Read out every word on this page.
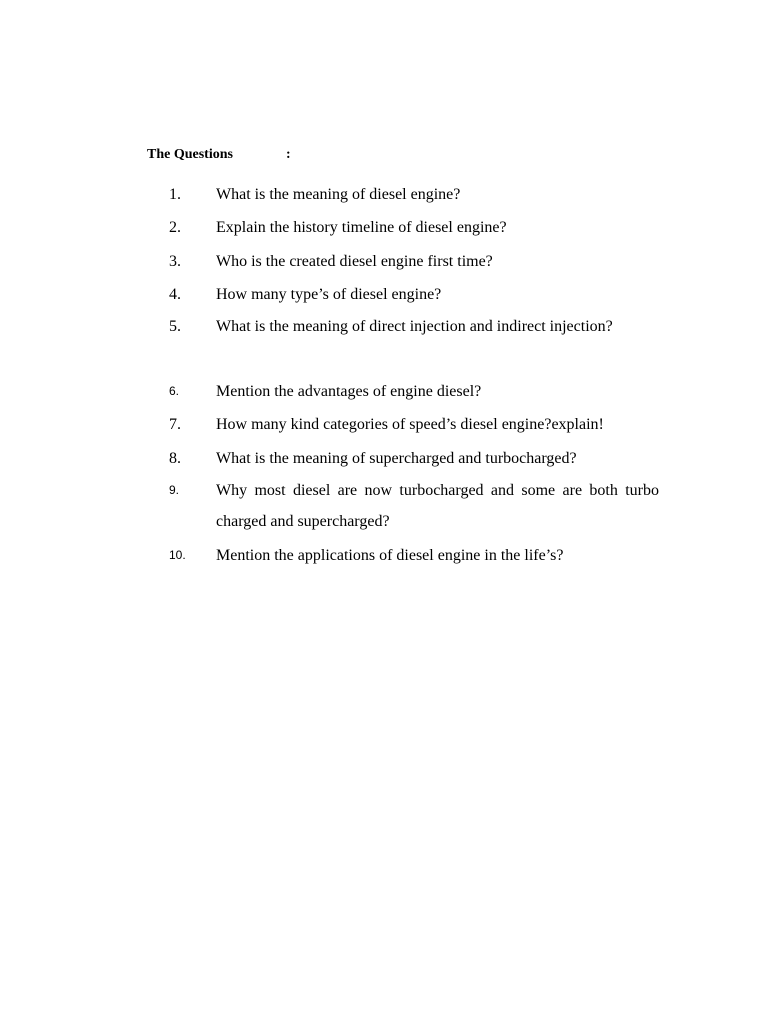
The Questions	:
1. What is the meaning of diesel engine?
2. Explain the history timeline of diesel engine?
3. Who is the created diesel engine first time?
4. How many type’s of diesel engine?
5. What is the meaning of direct injection and indirect injection?
6. Mention the advantages of engine diesel?
7. How many kind categories of speed’s diesel engine?explain!
8. What is the meaning of supercharged and turbocharged?
9. Why most diesel are now turbocharged and some are both turbo charged and supercharged?
10. Mention the applications of diesel engine in the life’s?
